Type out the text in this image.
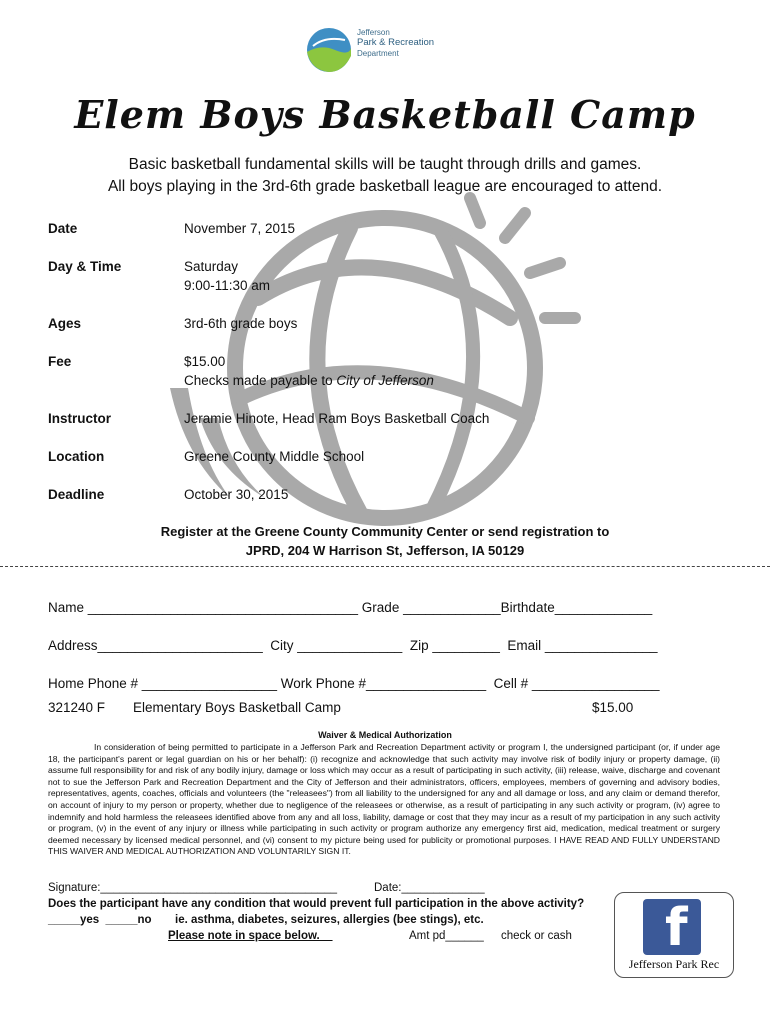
Jefferson
Park & Recreation
Department
Elem Boys Basketball Camp
Basic basketball fundamental skills will be taught through drills and games.
All boys playing in the 3rd-6th grade basketball league are encouraged to attend.
Date	November 7, 2015
Day & Time	Saturday
9:00-11:30 am
Ages	3rd-6th grade boys
Fee	$15.00
Checks made payable to City of Jefferson
Instructor	Jeramie Hinote, Head Ram Boys Basketball Coach
Location	Greene County Middle School
Deadline	October 30, 2015
Register at the Greene County Community Center or send registration to
JPRD, 204 W Harrison St, Jefferson, IA 50129
Name ____________________________________ Grade _____________Birthdate_____________
Address______________________  City ______________  Zip _________  Email _______________
Home Phone # __________________ Work Phone #________________  Cell # _________________
321240 F Elementary Boys Basketball Camp	$15.00
Waiver & Medical Authorization

In consideration of being permitted to participate in a Jefferson Park and Recreation Department activity or program I, the undersigned participant (or, if under age 18, the participant's parent or legal guardian on his or her behalf): (i) recognize and acknowledge that such activity may involve risk of bodily injury or property damage, (ii) assume full responsibility for and risk of any bodily injury, damage or loss which may occur as a result of participating in such activity, (iii) release, waive, discharge and covenant not to sue the Jefferson Park and Recreation Department and the City of Jefferson and their administrators, officers, employees, members of governing and advisory bodies, representatives, agents, coaches, officials and volunteers (the "releasees") from all liability to the undersigned for any and all damage or loss, and any claim or demand therefor, on account of injury to my person or property, whether due to negligence of the releasees or otherwise, as a result of participating in any such activity or program, (iv) agree to indemnify and hold harmless the releasees identified above from any and all loss, liability, damage or cost that they may incur as a result of my participation in any such activity or program, (v) in the event of any injury or illness while participating in such activity or program authorize any emergency first aid, medication, medical treatment or surgery deemed necessary by licensed medical personnel, and (vi) consent to my picture being used for publicity or promotional purposes. I HAVE READ AND FULLY UNDERSTAND THIS WAIVER AND MEDICAL AUTHORIZATION AND VOLUNTARILY SIGN IT.

Signature:_____________________________________	Date:_____________
Does the participant have any condition that would prevent full participation in the above activity?
_____yes  _____no ie. asthma, diabetes, seizures, allergies (bee stings), etc.
Please note in space below.__	Amt pd______ check or cash f
Jefferson Park Rec
